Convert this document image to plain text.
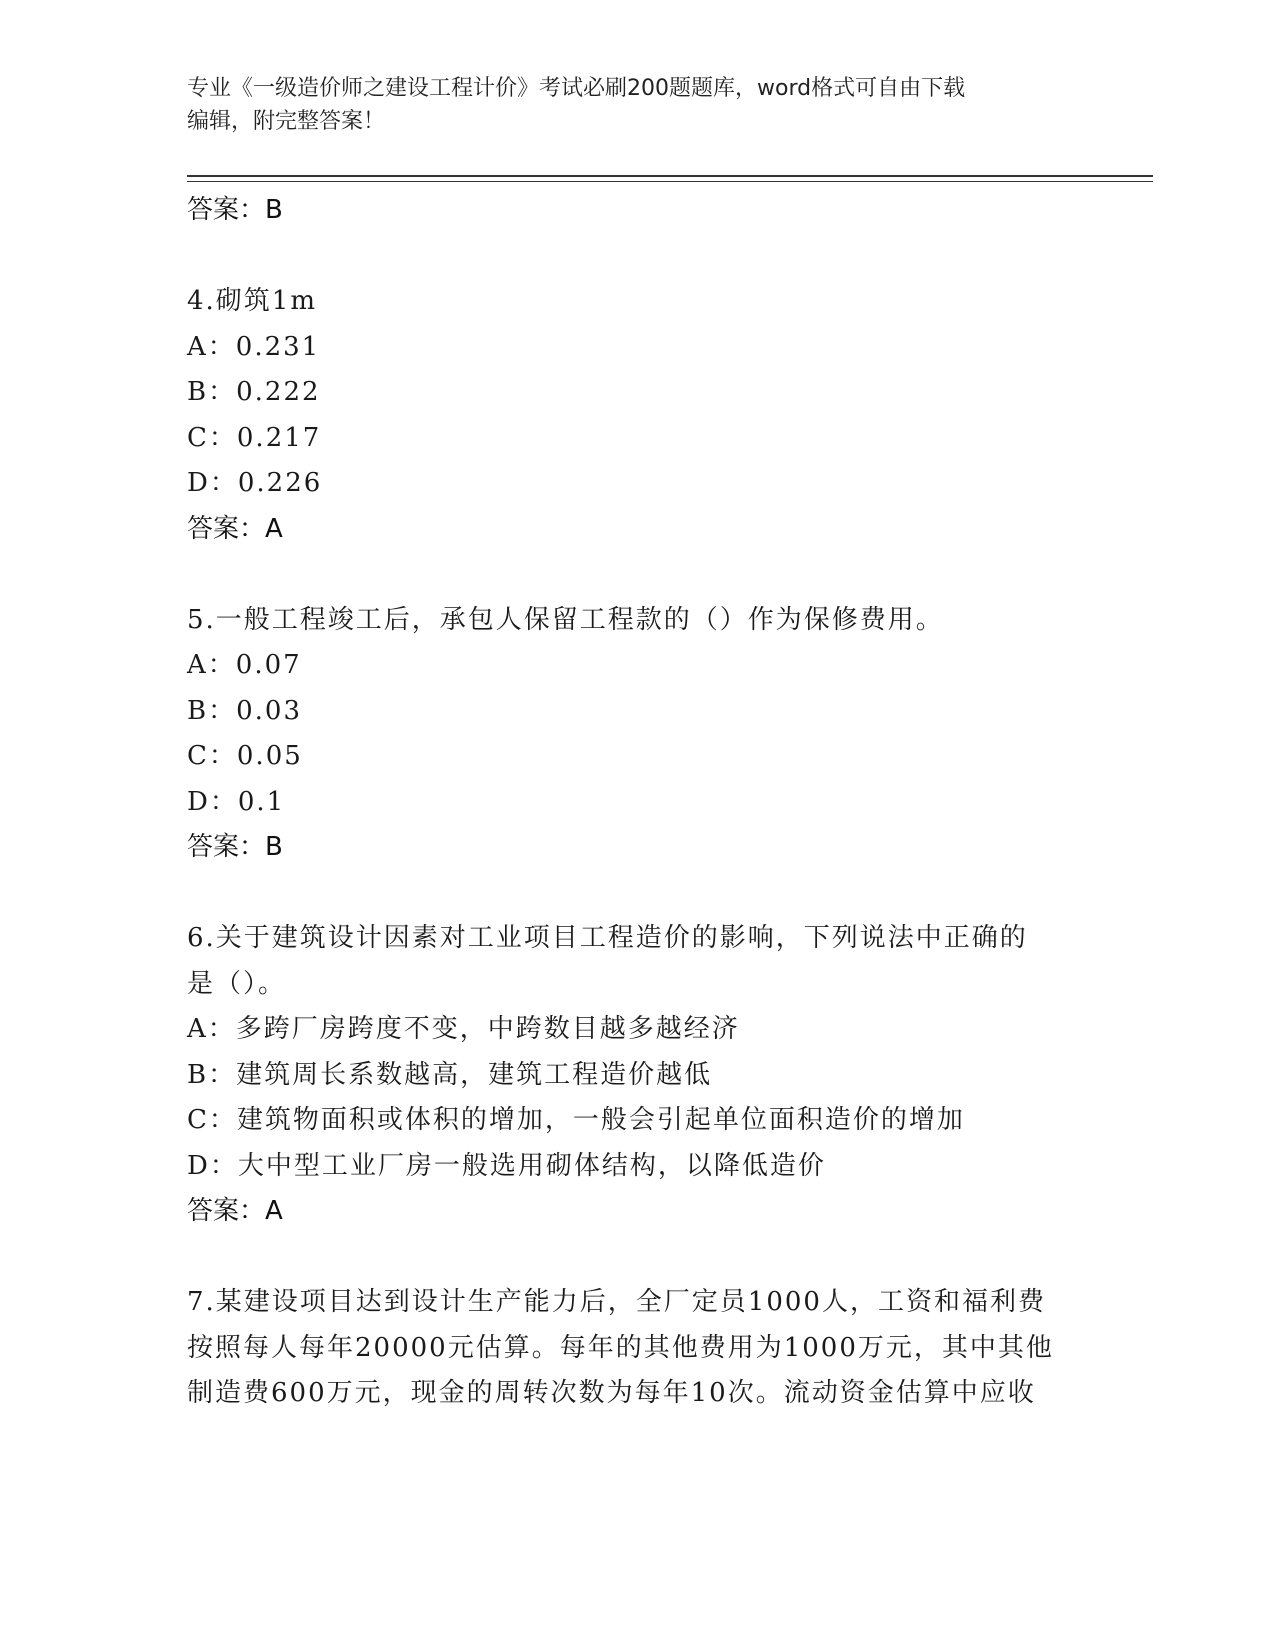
专业《一级造价师之建设工程计价》考试必刷200题题库，word格式可自由下载
编辑，附完整答案！
答案：B
4.砌筑1m
A：0.231
B：0.222
C：0.217
D：0.226
答案：A
5.一般工程竣工后，承包人保留工程款的（）作为保修费用。
A：0.07
B：0.03
C：0.05
D：0.1
答案：B
6.关于建筑设计因素对工业项目工程造价的影响，下列说法中正确的
是（）。
A：多跨厂房跨度不变，中跨数目越多越经济
B：建筑周长系数越高，建筑工程造价越低
C：建筑物面积或体积的增加，一般会引起单位面积造价的增加
D：大中型工业厂房一般选用砌体结构，以降低造价
答案：A
7.某建设项目达到设计生产能力后，全厂定员1000人，工资和福利费
按照每人每年20000元估算。每年的其他费用为1000万元，其中其他
制造费600万元，现金的周转次数为每年10次。流动资金估算中应收
